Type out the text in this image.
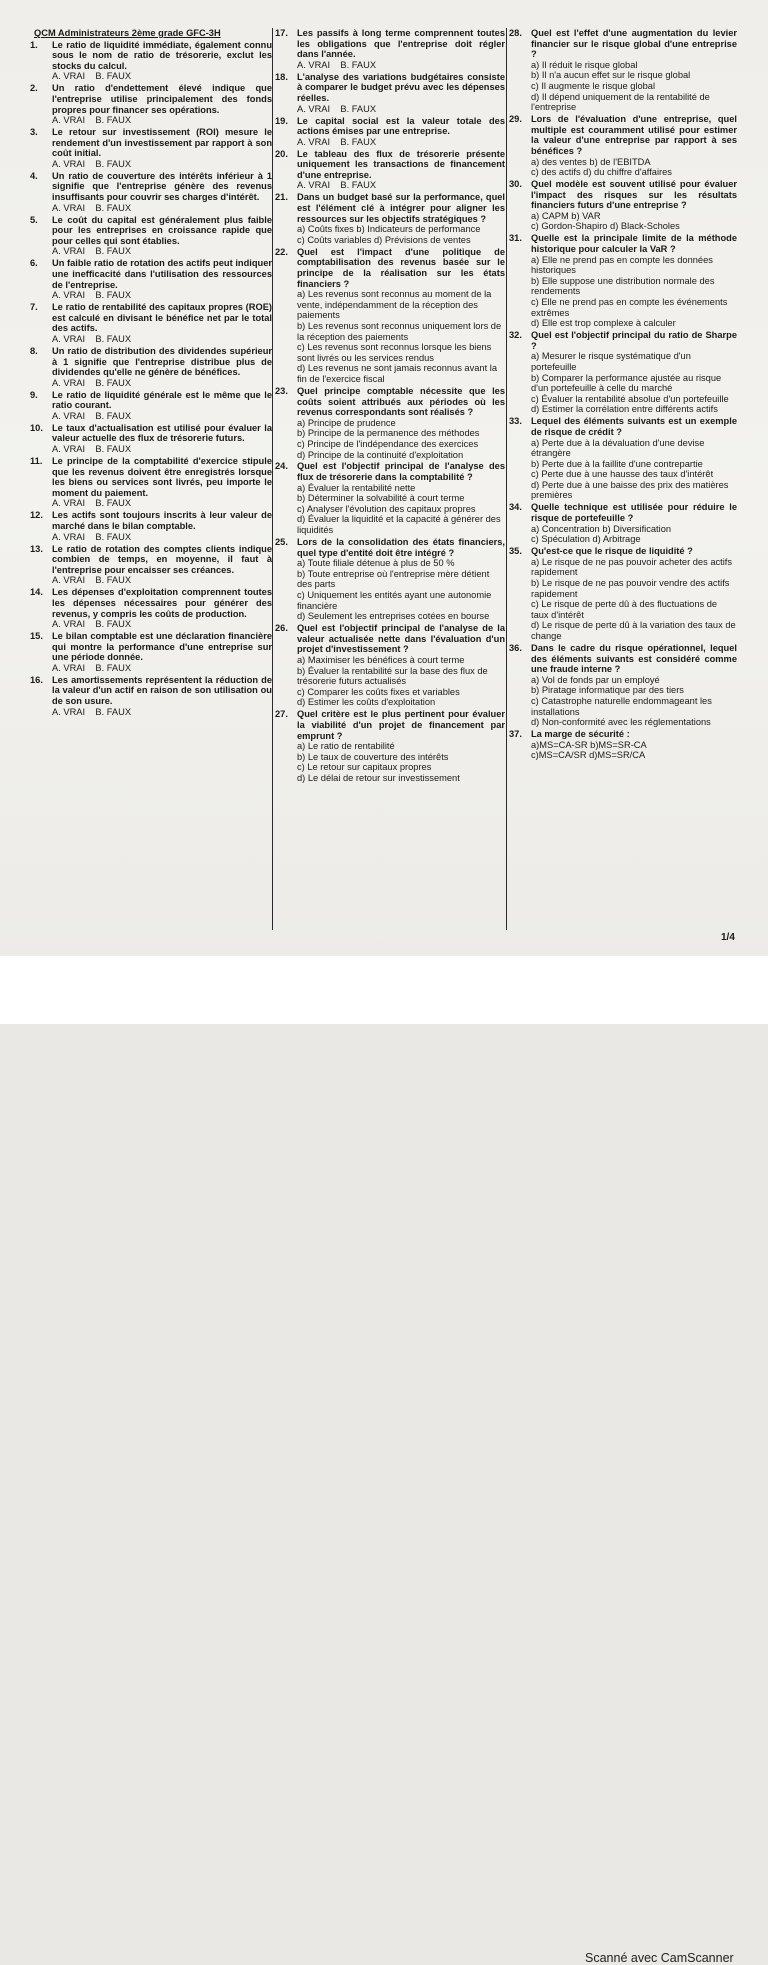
QCM Administrateurs 2ème grade GFC-3H
1.	Le ratio de liquidité immédiate, également connu sous le nom de ratio de trésorerie, exclut les stocks du calcul.
A. VRAI    B. FAUX
2.	Un ratio d'endettement élevé indique que l'entreprise utilise principalement des fonds propres pour financer ses opérations.
A. VRAI    B. FAUX
3.	Le retour sur investissement (ROI) mesure le rendement d'un investissement par rapport à son coût initial.
A. VRAI    B. FAUX
4.	Un ratio de couverture des intérêts inférieur à 1 signifie que l'entreprise génère des revenus insuffisants pour couvrir ses charges d'intérêt.
A. VRAI    B. FAUX
5.	Le coût du capital est généralement plus faible pour les entreprises en croissance rapide que pour celles qui sont établies.
A. VRAI    B. FAUX
6.	Un faible ratio de rotation des actifs peut indiquer une inefficacité dans l'utilisation des ressources de l'entreprise.
A. VRAI    B. FAUX
7.	Le ratio de rentabilité des capitaux propres (ROE) est calculé en divisant le bénéfice net par le total des actifs.
A. VRAI    B. FAUX
8.	Un ratio de distribution des dividendes supérieur à 1 signifie que l'entreprise distribue plus de dividendes qu'elle ne génère de bénéfices.
A. VRAI    B. FAUX
9.	Le ratio de liquidité générale est le même que le ratio courant.
A. VRAI    B. FAUX
10. Le taux d'actualisation est utilisé pour évaluer la valeur actuelle des flux de trésorerie futurs.
A. VRAI    B. FAUX
11.	Le principe de la comptabilité d'exercice stipule que les revenus doivent être enregistrés lorsque les biens ou services sont livrés, peu importe le moment du paiement.
A. VRAI    B. FAUX
12. Les actifs sont toujours inscrits à leur valeur de marché dans le bilan comptable.
A. VRAI    B. FAUX
13. Le ratio de rotation des comptes clients indique combien de temps, en moyenne, il faut à l'entreprise pour encaisser ses créances.
A. VRAI    B. FAUX
14. Les dépenses d'exploitation comprennent toutes les dépenses nécessaires pour générer des revenus, y compris les coûts de production.
A. VRAI    B. FAUX
15. Le bilan comptable est une déclaration financière qui montre la performance d'une entreprise sur une période donnée.
A. VRAI    B. FAUX
16. Les amortissements représentent la réduction de la valeur d'un actif en raison de son utilisation ou de son usure.
A. VRAI    B. FAUX
17. Les passifs à long terme comprennent toutes les obligations que l'entreprise doit régler dans l'année.
A. VRAI    B. FAUX
18. L'analyse des variations budgétaires consiste à comparer le budget prévu avec les dépenses réelles.
A. VRAI    B. FAUX
19. Le capital social est la valeur totale des actions émises par une entreprise.
A. VRAI    B. FAUX
20. Le tableau des flux de trésorerie présente uniquement les transactions de financement d'une entreprise.
A. VRAI    B. FAUX
21. Dans un budget basé sur la performance, quel est l'élément clé à intégrer pour aligner les ressources sur les objectifs stratégiques ?
a) Coûts fixes b) Indicateurs de performance
c) Coûts variables d) Prévisions de ventes
22. Quel est l'impact d'une politique de comptabilisation des revenus basée sur le principe de la réalisation sur les états financiers ?
a) Les revenus sont reconnus au moment de la vente, indépendamment de la réception des paiements
b) Les revenus sont reconnus uniquement lors de la réception des paiements
c) Les revenus sont reconnus lorsque les biens sont livrés ou les services rendus
d) Les revenus ne sont jamais reconnus avant la fin de l'exercice fiscal
23. Quel principe comptable nécessite que les coûts soient attribués aux périodes où les revenus correspondants sont réalisés ?
a) Principe de prudence
b) Principe de la permanence des méthodes
c) Principe de l'indépendance des exercices
d) Principe de la continuité d'exploitation
24. Quel est l'objectif principal de l'analyse des flux de trésorerie dans la comptabilité ?
a) Évaluer la rentabilité nette
b) Déterminer la solvabilité à court terme
c) Analyser l'évolution des capitaux propres
d) Évaluer la liquidité et la capacité à générer des liquidités
25. Lors de la consolidation des états financiers, quel type d'entité doit être intégré ?
a) Toute filiale détenue à plus de 50 %
b) Toute entreprise où l'entreprise mère détient des parts
c) Uniquement les entités ayant une autonomie financière
d) Seulement les entreprises cotées en bourse
26. Quel est l'objectif principal de l'analyse de la valeur actualisée nette dans l'évaluation d'un projet d'investissement ?
a) Maximiser les bénéfices à court terme
b) Évaluer la rentabilité sur la base des flux de trésorerie futurs actualisés
c) Comparer les coûts fixes et variables
d) Estimer les coûts d'exploitation
27. Quel critère est le plus pertinent pour évaluer la viabilité d'un projet de financement par emprunt ?
a) Le ratio de rentabilité
b) Le taux de couverture des intérêts
c) Le retour sur capitaux propres
d) Le délai de retour sur investissement
28. Quel est l'effet d'une augmentation du levier financier sur le risque global d'une entreprise ?
a) Il réduit le risque global
b) Il n'a aucun effet sur le risque global
c) Il augmente le risque global
d) Il dépend uniquement de la rentabilité de l'entreprise
29. Lors de l'évaluation d'une entreprise, quel multiple est couramment utilisé pour estimer la valeur d'une entreprise par rapport à ses bénéfices ?
a) des ventes b) de l'EBITDA
c) des actifs d) du chiffre d'affaires
30. Quel modèle est souvent utilisé pour évaluer l'impact des risques sur les résultats financiers futurs d'une entreprise ?
a) CAPM b) VAR
c) Gordon-Shapiro d) Black-Scholes
31. Quelle est la principale limite de la méthode historique pour calculer la VaR ?
a) Elle ne prend pas en compte les données historiques
b) Elle suppose une distribution normale des rendements
c) Elle ne prend pas en compte les événements extrêmes
d) Elle est trop complexe à calculer
32. Quel est l'objectif principal du ratio de Sharpe ?
a) Mesurer le risque systématique d'un portefeuille
b) Comparer la performance ajustée au risque d'un portefeuille à celle du marché
c) Évaluer la rentabilité absolue d'un portefeuille
d) Estimer la corrélation entre différents actifs
33. Lequel des éléments suivants est un exemple de risque de crédit ?
a) Perte due à la dévaluation d'une devise étrangère
b) Perte due à la faillite d'une contrepartie
c) Perte due à une hausse des taux d'intérêt
d) Perte due à une baisse des prix des matières premières
34. Quelle technique est utilisée pour réduire le risque de portefeuille ?
a) Concentration b) Diversification
c) Spéculation d) Arbitrage
35. Qu'est-ce que le risque de liquidité ?
a) Le risque de ne pas pouvoir acheter des actifs rapidement
b) Le risque de ne pas pouvoir vendre des actifs rapidement
c) Le risque de perte dû à des fluctuations de taux d'intérêt
d) Le risque de perte dû à la variation des taux de change
36. Dans le cadre du risque opérationnel, lequel des éléments suivants est considéré comme une fraude interne ?
a) Vol de fonds par un employé
b) Piratage informatique par des tiers
c) Catastrophe naturelle endommageant les installations
d) Non-conformité avec les réglementations
37. La marge de sécurité :
a)MS=CA-SR b)MS=SR-CA
c)MS=CA/SR d)MS=SR/CA
1/4
Scanné avec CamScanner
